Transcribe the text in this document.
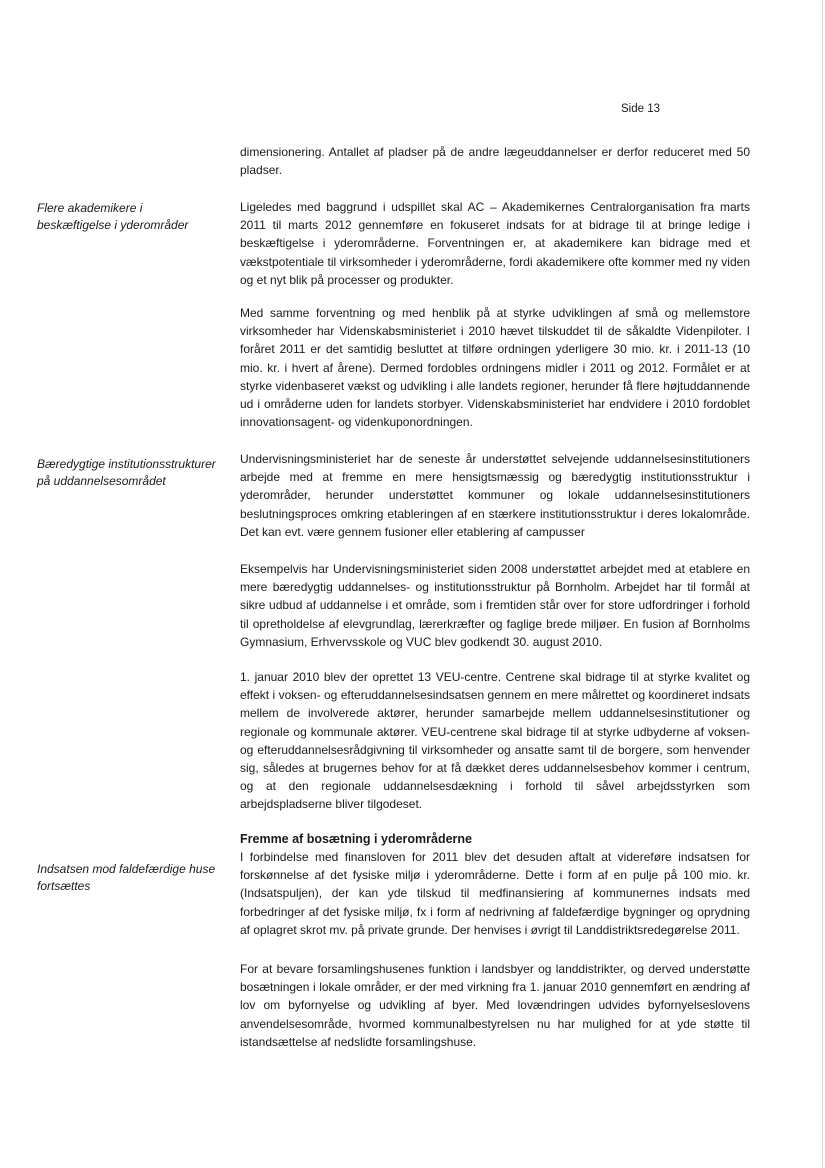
Side 13
Flere akademikere i beskæftigelse i yderområder
Bæredygtige institutionsstrukturer på uddannelsesområdet
Indsatsen mod faldefærdige huse fortsættes

dimensionering. Antallet af pladser på de andre lægeuddannelser er derfor reduceret med 50 pladser.

Ligeledes med baggrund i udspillet skal AC – Akademikernes Centralorganisation fra marts 2011 til marts 2012 gennemføre en fokuseret indsats for at bidrage til at bringe ledige i beskæftigelse i yderområderne. Forventningen er, at akademikere kan bidrage med et vækstpotentiale til virksomheder i yderområderne, fordi akademikere ofte kommer med ny viden og et nyt blik på processer og produkter.

Med samme forventning og med henblik på at styrke udviklingen af små og mellemstore virksomheder har Videnskabsministeriet i 2010 hævet tilskuddet til de såkaldte Videnpiloter. I foråret 2011 er det samtidig besluttet at tilføre ordningen yderligere 30 mio. kr. i 2011-13 (10 mio. kr. i hvert af årene). Dermed fordobles ordningens midler i 2011 og 2012. Formålet er at styrke videnbaseret vækst og udvikling i alle landets regioner, herunder få flere højtuddannende ud i områderne uden for landets storbyer. Videnskabsministeriet har endvidere i 2010 fordoblet innovationsagent- og videnkuponordningen.

Undervisningsministeriet har de seneste år understøttet selvejende uddannelsesinstitutioners arbejde med at fremme en mere hensigtsmæssig og bæredygtig institutionsstruktur i yderområder, herunder understøttet kommuner og lokale uddannelsesinstitutioners beslutningsproces omkring etableringen af en stærkere institutionsstruktur i deres lokalområde. Det kan evt. være gennem fusioner eller etablering af campusser

Eksempelvis har Undervisningsministeriet siden 2008 understøttet arbejdet med at etablere en mere bæredygtig uddannelses- og institutionsstruktur på Bornholm. Arbejdet har til formål at sikre udbud af uddannelse i et område, som i fremtiden står over for store udfordringer i forhold til opretholdelse af elevgrundlag, lærerkræfter og faglige brede miljøer. En fusion af Bornholms Gymnasium, Erhvervsskole og VUC blev godkendt 30. august 2010.

1. januar 2010 blev der oprettet 13 VEU-centre. Centrene skal bidrage til at styrke kvalitet og effekt i voksen- og efteruddannelsesindsatsen gennem en mere målrettet og koordineret indsats mellem de involverede aktører, herunder samarbejde mellem uddannelsesinstitutioner og regionale og kommunale aktører. VEU-centrene skal bidrage til at styrke udbyderne af voksen- og efteruddannelsesrådgivning til virksomheder og ansatte samt til de borgere, som henvender sig, således at brugernes behov for at få dækket deres uddannelsesbehov kommer i centrum, og at den regionale uddannelsesdækning i forhold til såvel arbejdsstyrken som arbejdspladserne bliver tilgodeset.

Fremme af bosætning i yderområderne

I forbindelse med finansloven for 2011 blev det desuden aftalt at videreføre indsatsen for forskønnelse af det fysiske miljø i yderområderne. Dette i form af en pulje på 100 mio. kr. (Indsatspuljen), der kan yde tilskud til medfinansiering af kommunernes indsats med forbedringer af det fysiske miljø, fx i form af nedrivning af faldefærdige bygninger og oprydning af oplagret skrot mv. på private grunde. Der henvises i øvrigt til Landdistriktsredegørelse 2011.

For at bevare forsamlingshusenes funktion i landsbyer og landdistrikter, og derved understøtte bosætningen i lokale områder, er der med virkning fra 1. januar 2010 gennemført en ændring af lov om byfornyelse og udvikling af byer. Med lovændringen udvides byfornyelseslovens anvendelsesområde, hvormed kommunalbestyrelsen nu har mulighed for at yde støtte til istandsættelse af nedslidte forsamlingshuse.
